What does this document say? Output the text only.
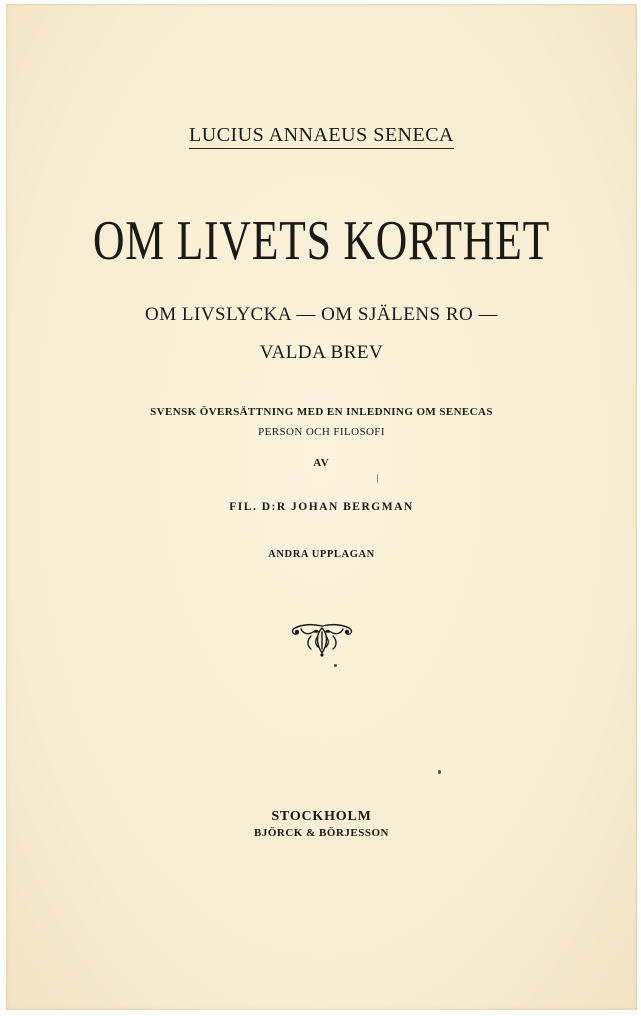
LUCIUS ANNAEUS SENECA
OM LIVETS KORTHET
OM LIVSLYCKA — OM SJÄLENS RO —
VALDA BREV
SVENSK ÖVERSÄTTNING MED EN INLEDNING OM SENECAS
PERSON OCH FILOSOFI
AV
FIL. D:R JOHAN BERGMAN
ANDRA UPPLAGAN
STOCKHOLM
BJÖRCK & BÖRJESSON
